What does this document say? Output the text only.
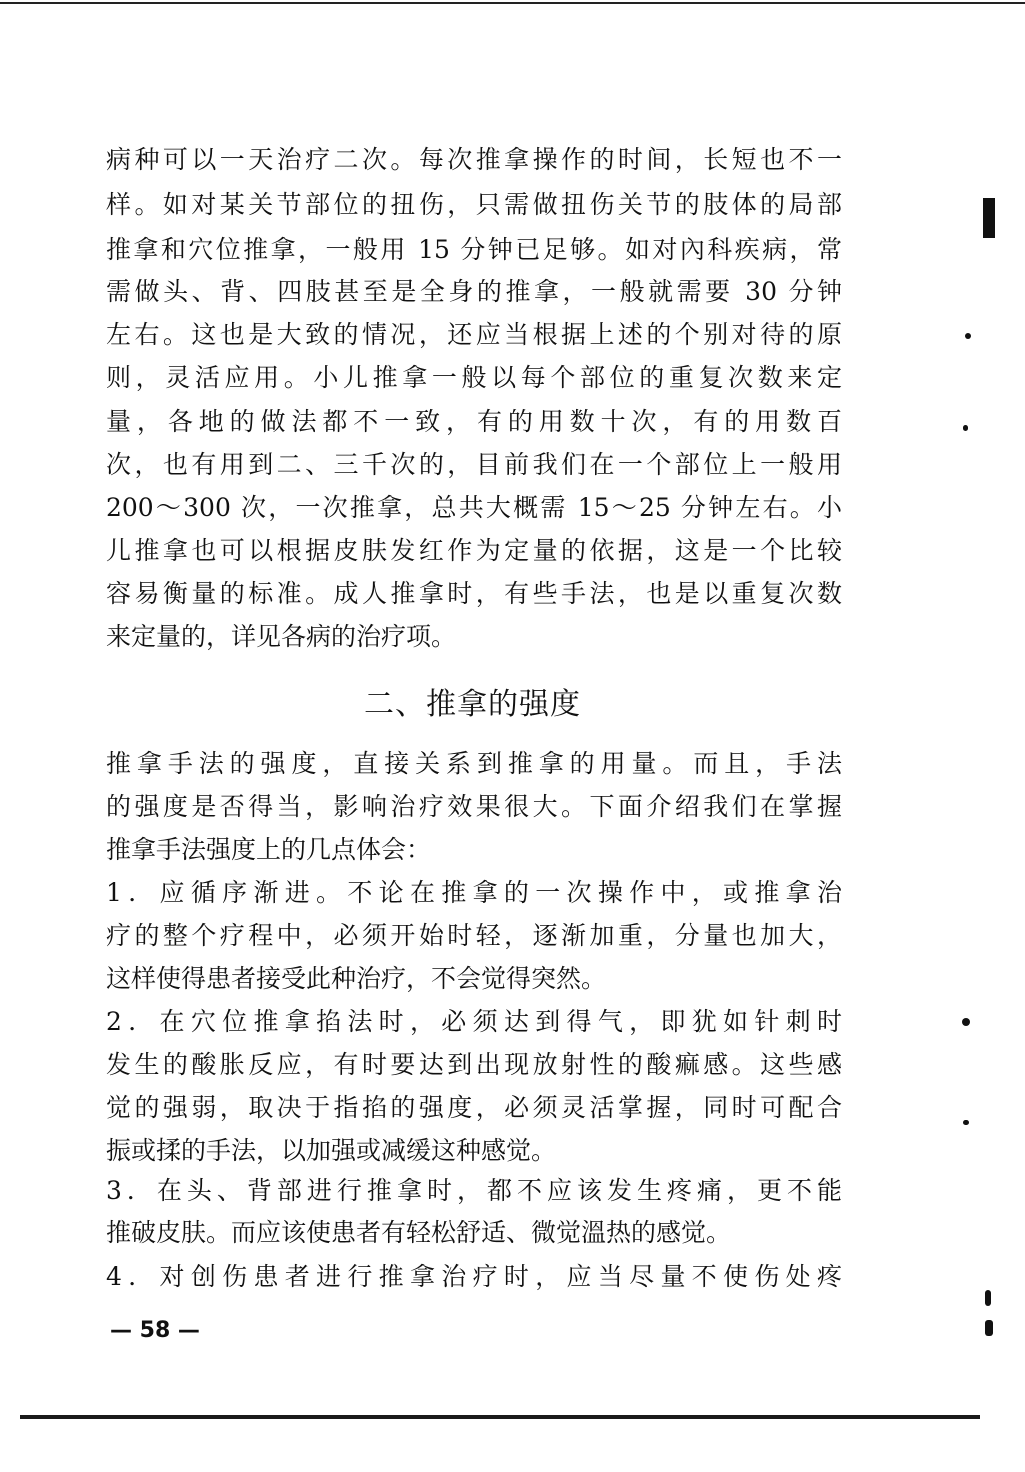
病种可以一天治疗二次。每次推拿操作的时间，长短也不一
样。如对某关节部位的扭伤，只需做扭伤关节的肢体的局部
推拿和穴位推拿，一般用 15 分钟已足够。如对內科疾病，常
需做头、背、四肢甚至是全身的推拿，一般就需要 30 分钟
左右。这也是大致的情况，还应当根据上述的个别对待的原
则，灵活应用。小儿推拿一般以每个部位的重复次数来定
量，各地的做法都不一致，有的用数十次，有的用数百
次，也有用到二、三千次的，目前我们在一个部位上一般用
200～300 次，一次推拿，总共大概需 15～25 分钟左右。小
儿推拿也可以根据皮肤发红作为定量的依据，这是一个比较
容易衡量的标准。成人推拿时，有些手法，也是以重复次数
来定量的，详见各病的治疗项。
二、推拿的强度
推拿手法的强度，直接关系到推拿的用量。而且，手法
的强度是否得当，影响治疗效果很大。下面介绍我们在掌握
推拿手法强度上的几点体会：
1．应循序渐进。不论在推拿的一次操作中，或推拿治
疗的整个疗程中，必须开始时轻，逐渐加重，分量也加大，
这样使得患者接受此种治疗，不会觉得突然。
2．在穴位推拿掐法时，必须达到得气，即犹如针刺时
发生的酸胀反应，有时要达到出现放射性的酸痲感。这些感
觉的强弱，取决于指掐的强度，必须灵活掌握，同时可配合
振或揉的手法，以加强或减缓这种感觉。
3．在头、背部进行推拿时，都不应该发生疼痛，更不能
推破皮肤。而应该使患者有轻松舒适、微觉溫热的感觉。
4．对创伤患者进行推拿治疗时，应当尽量不使伤处疼
— 58 —
